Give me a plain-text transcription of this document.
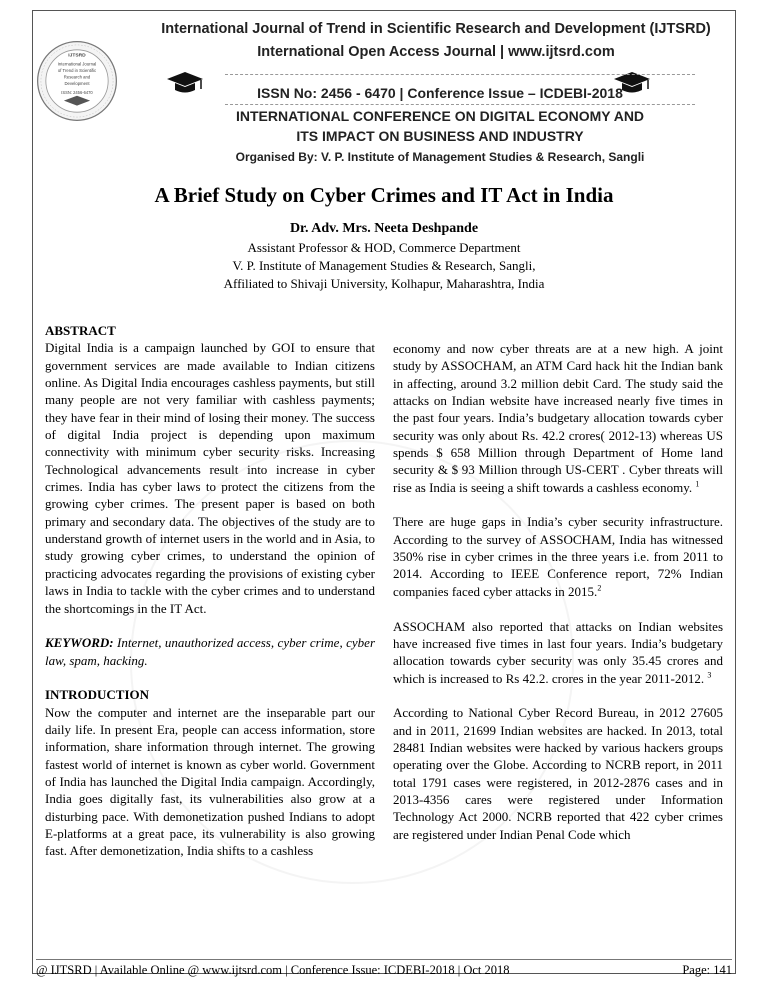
IJTSRD
International Journal
of Trend in Scientific
Research and
Development
ISSN: 2456-6470
International Journal of Trend in Scientific Research and Development (IJTSRD)
International Open Access Journal | www.ijtsrd.com
ISSN No: 2456 - 6470 | Conference Issue – ICDEBI-2018
INTERNATIONAL CONFERENCE ON DIGITAL ECONOMY AND
ITS IMPACT ON BUSINESS AND INDUSTRY
Organised By: V. P. Institute of Management Studies & Research, Sangli
A Brief Study on Cyber Crimes and IT Act in India
Dr. Adv. Mrs. Neeta Deshpande
Assistant Professor & HOD, Commerce Department
V. P. Institute of Management Studies & Research, Sangli,
Affiliated to Shivaji University, Kolhapur, Maharashtra, India

ABSTRACT

Digital India is a campaign launched by GOI to ensure that government services are made available to Indian citizens online. As Digital India encourages cashless payments, but still many people are not very familiar with cashless payments; they have fear in their mind of losing their money. The success of digital India project is depending upon maximum connectivity with minimum cyber security risks. Increasing Technological advancements result into increase in cyber crimes. India has cyber laws to protect the citizens from the growing cyber crimes. The present paper is based on both primary and secondary data. The objectives of the study are to understand growth of internet users in the world and in Asia, to study growing cyber crimes, to understand the opinion of practicing advocates regarding the provisions of existing cyber laws in India to tackle with the cyber crimes and to understand the shortcomings in the IT Act.

KEYWORD: Internet, unauthorized access, cyber crime, cyber law, spam, hacking.

INTRODUCTION

Now the computer and internet are the inseparable part our daily life. In present Era, people can access information, store information, share information through internet. The growing fastest world of internet is known as cyber world. Government of India has launched the Digital India campaign. Accordingly, India goes digitally fast, its vulnerabilities also grow at a disturbing pace. With demonetization pushed Indians to adopt E-platforms at a great pace, its vulnerability is also growing fast. After demonetization, India shifts to a cashless

economy and now cyber threats are at a new high. A joint study by ASSOCHAM, an ATM Card hack hit the Indian bank in affecting, around 3.2 million debit Card. The study said the attacks on Indian website have increased nearly five times in the past four years. India’s budgetary allocation towards cyber security was only about Rs. 42.2 crores( 2012-13) whereas US spends $ 658 Million through Department of Home land security & $ 93 Million through US-CERT . Cyber threats will rise as India is seeing a shift towards a cashless economy. $^1$

There are huge gaps in India’s cyber security infrastructure. According to the survey of ASSOCHAM, India has witnessed 350% rise in cyber crimes in the three years i.e. from 2011 to 2014. According to IEEE Conference report, 72% Indian companies faced cyber attacks in 2015.$^2$

ASSOCHAM also reported that attacks on Indian websites have increased five times in last four years. India’s budgetary allocation towards cyber security was only 35.45 crores and which is increased to Rs 42.2. crores in the year 2011-2012. $^3$

According to National Cyber Record Bureau, in 2012 27605 and in 2011, 21699 Indian websites are hacked. In 2013, total 28481 Indian websites were hacked by various hackers groups operating over the Globe. According to NCRB report, in 2011 total 1791 cases were registered, in 2012-2876 cases and in 2013-4356 cares were registered under Information Technology Act 2000. NCRB reported that 422 cyber crimes are registered under Indian Penal Code which

@ IJTSRD | Available Online @ www.ijtsrd.com | Conference Issue: ICDEBI-2018 | Oct 2018	Page: 141
